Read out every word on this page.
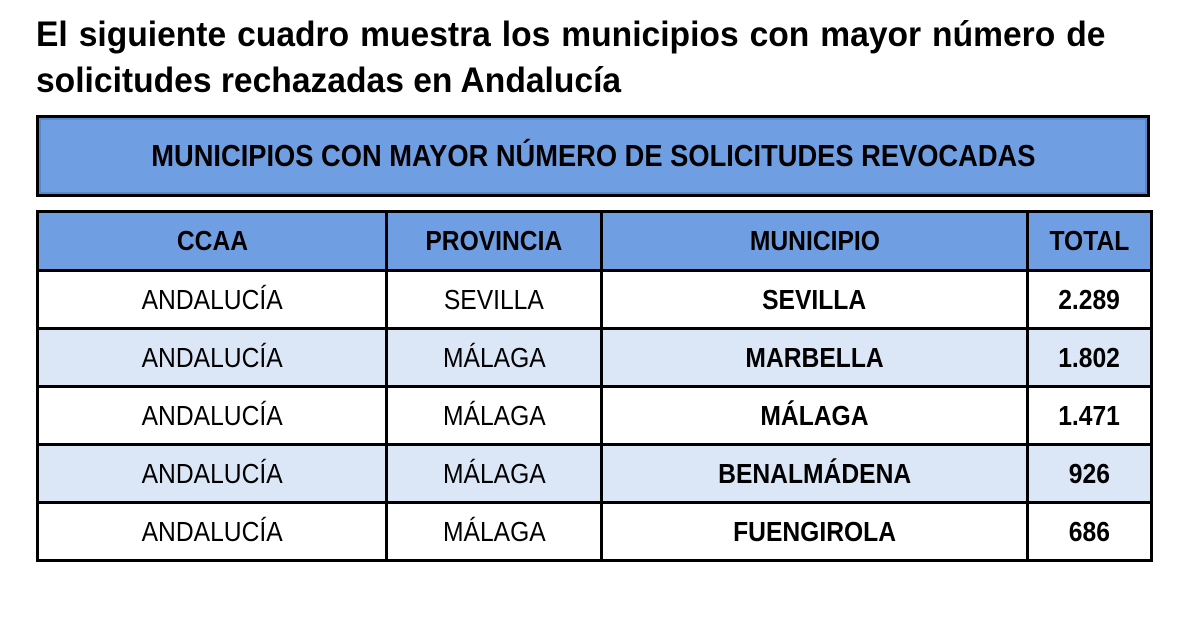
El siguiente cuadro muestra los municipios con mayor número de solicitudes rechazadas en Andalucía
MUNICIPIOS CON MAYOR NÚMERO DE SOLICITUDES REVOCADAS
CCAA	PROVINCIA	MUNICIPIO	TOTAL
ANDALUCÍA	SEVILLA	SEVILLA	2.289
ANDALUCÍA	MÁLAGA	MARBELLA	1.802
ANDALUCÍA	MÁLAGA	MÁLAGA	1.471
ANDALUCÍA	MÁLAGA	BENALMÁDENA	926
ANDALUCÍA	MÁLAGA	FUENGIROLA	686
